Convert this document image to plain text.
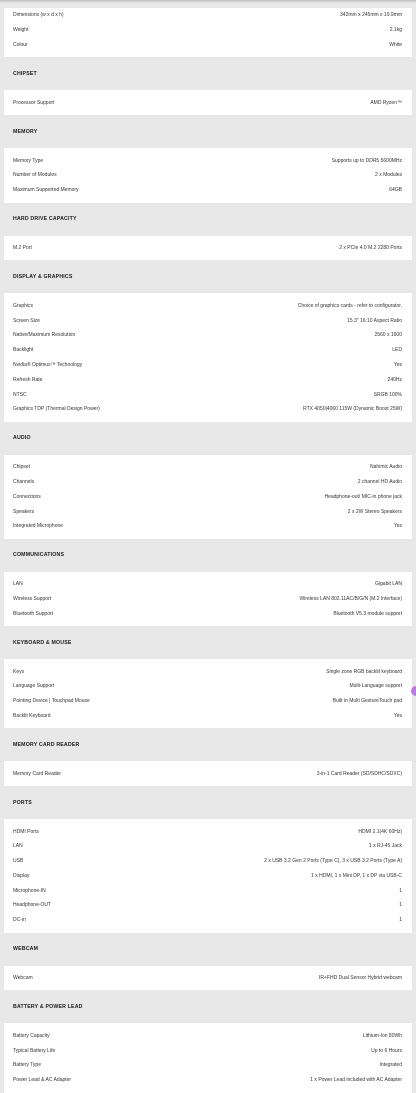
Dimensions (w x d x h)	342mm x 245mm x 19.9mm
Weight	2.1kg
Colour	White
CHIPSET
Processor Support	AMD Ryzen™
MEMORY
Memory Type	Supports up to DDR5 5600MHz
Number of Modules	2 x Modules
Maximum Supported Memory	64GB
HARD DRIVE CAPACITY
M.2 Port	2 x PCIe 4.0 M.2 2280 Ports
DISPLAY & GRAPHICS
Graphics	Choice of graphics cards - refer to configurator.
Screen Size	15.3" 16:10 Aspect Ratio
Native/Maximum Resolution	2560 x 1600
Backlight	LED
Nvidia® Optimus™ Technology	Yes
Refresh Rate	240Hz
NTSC	SRGB 100%
Graphics TDP (Thermal Design Power)	RTX 4050|4060 115W (Dynamic Boost 25W)
AUDIO
Chipset	Nahimic Audio
Channels	2 channel HD Audio
Connections	Headphone-out/ MIC-in phone jack
Speakers	2 x 2W Stereo Speakers
Integrated Microphone	Yes
COMMUNICATIONS
LAN	Gigabit LAN
Wireless Support	Wireless LAN 802.11AC/B/G/N (M.2 Interface)
Bluetooth Support	Bluetooth V5.3 module support
KEYBOARD & MOUSE
Keys	Single zone RGB backlit keyboard
Language Support	Multi-Language support
Pointing Device | Touchpad Mouse	Built in Multi GestureTouch pad
Backlit Keyboard	Yes
MEMORY CARD READER
Memory Card Reader	3-in-1 Card Reader (SD/SDHC/SDXC)
PORTS
HDMI Ports	HDMI 2.1(4K 60Hz)
LAN	1 x RJ-45 Jack
USB	2 x USB 3.2 Gen 2 Ports (Type C), 3 x USB 3.2 Ports (Type A)
Display	1 x HDMI, 1 x Mini DP, 1 x DP via USB-C
Microphone-IN	1
Headphone-OUT	1
DC-in	1
WEBCAM
Webcam	IR+FHD Dual Sensor Hybrid webcam
BATTERY & POWER LEAD
Battery Capacity	Lithium-Ion 80Wh
Typical Battery Life	Up to 6 Hours
Battery Type	Integrated
Power Lead & AC Adapter	1 x Power Lead included with AC Adapter
